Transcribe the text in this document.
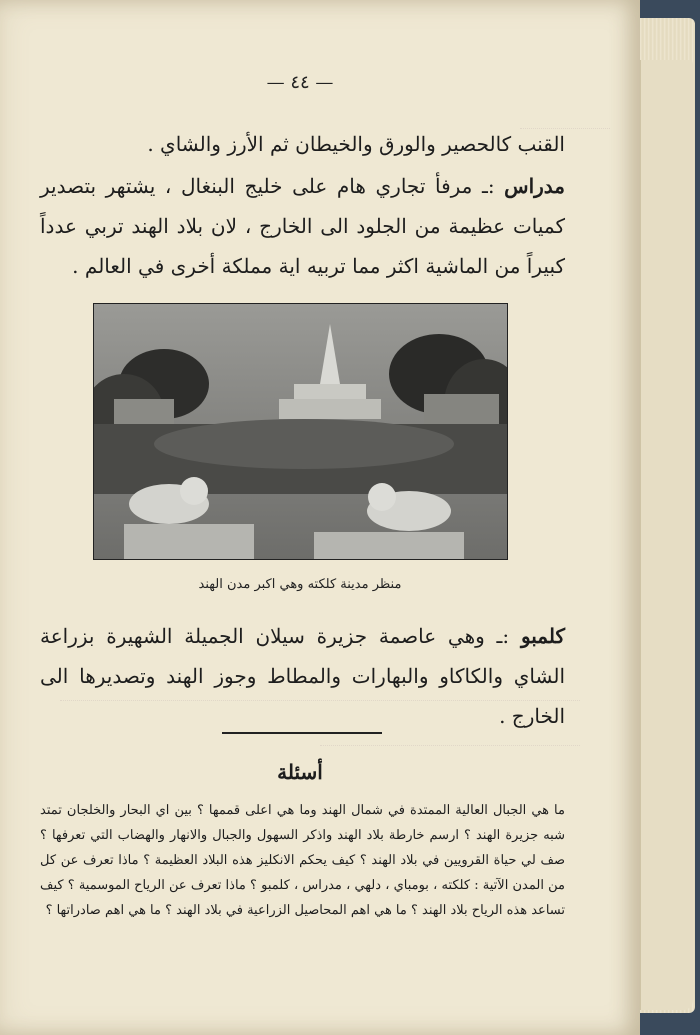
— ٤٤ —
القنب كالحصير والورق والخيطان ثم الأرز والشاي .
مدراس :ـ مرفأ تجاري هام على خليج البنغال ، يشتهر بتصدير كميات عظيمة من الجلود الى الخارج ، لان بلاد الهند تربي عدداً كبيراً من الماشية اكثر مما تربيه اية مملكة أخرى في العالم .
منظر مدينة كلكته وهي اكبر مدن الهند
كلمبو :ـ وهي عاصمة جزيرة سيلان الجميلة الشهيرة بزراعة الشاي والكاكاو والبهارات والمطاط وجوز الهند وتصديرها الى الخارج .
أسئلة
ما هي الجبال العالية الممتدة في شمال الهند وما هي اعلى قممها ؟ بين اي البحار والخلجان تمتد شبه جزيرة الهند ؟ ارسم خارطة بلاد الهند واذكر السهول والجبال والانهار والهضاب التي تعرفها ؟ صف لي حياة القرويين في بلاد الهند ؟ كيف يحكم الانكليز هذه البلاد العظيمة ؟ ماذا تعرف عن كل من المدن الآتية : كلكته ، بومباي ، دلهي ، مدراس ، كلمبو ؟ ماذا تعرف عن الرياح الموسمية ؟ كيف تساعد هذه الرياح بلاد الهند ؟ ما هي اهم المحاصيل الزراعية في بلاد الهند ؟ ما هي اهم صادراتها ؟
